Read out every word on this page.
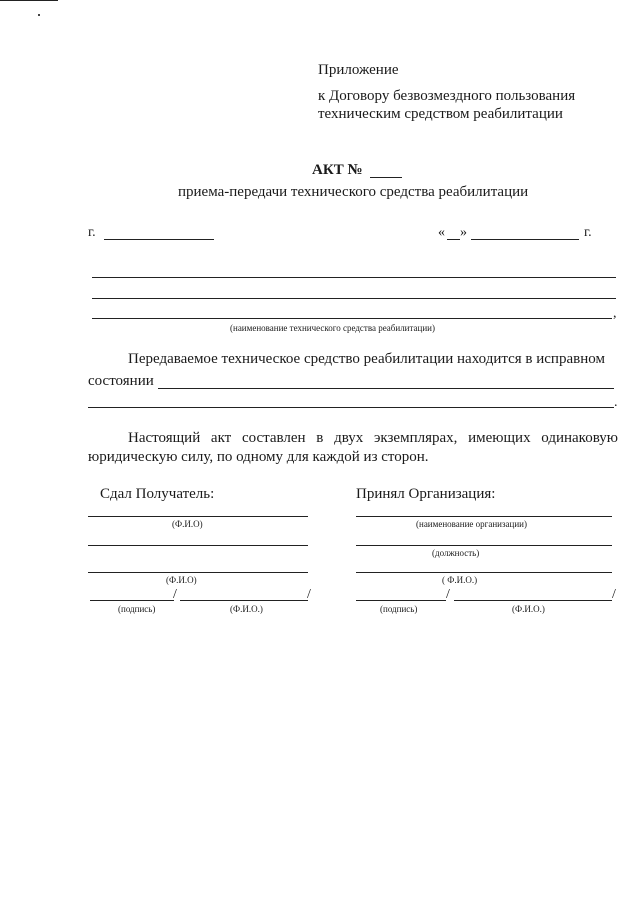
Приложение
к Договору безвозмездного пользования
техническим средством реабилитации
АКТ №
приема-передачи технического средства реабилитации
г.	« »	г.
,
(наименование технического средства реабилитации)
Передаваемое техническое средство реабилитации находится в исправном
состоянии
.
Настоящий акт составлен в двух экземплярах, имеющих одинаковую
юридическую силу, по одному для каждой из сторон.
Сдал Получатель:
(Ф.И.О)
(Ф.И.О)
/	/
(подпись)	(Ф.И.О.)
Принял Организация:
(наименование организации)
(должность)
( Ф.И.О.)
/	/
(подпись)	(Ф.И.О.)
